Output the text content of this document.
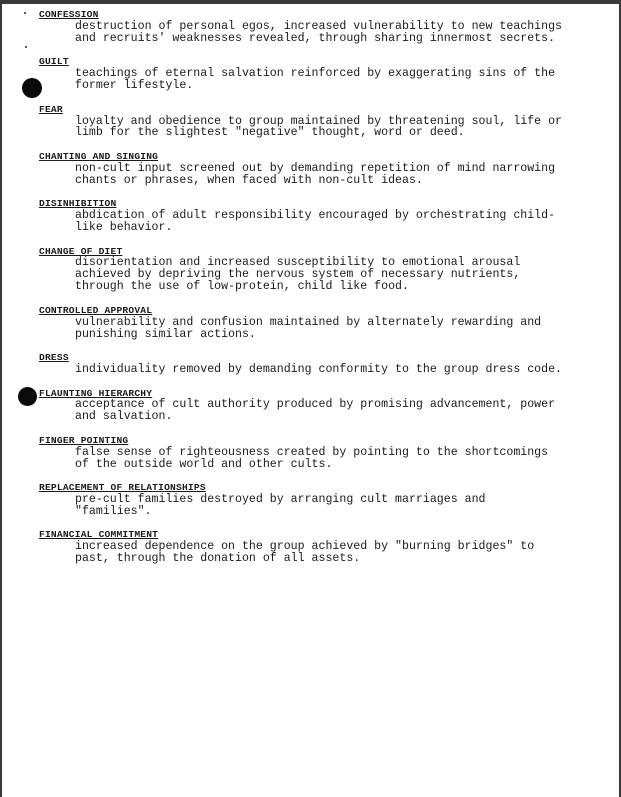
CONFESSION
destruction of personal egos, increased vulnerability to new teachings
and recruits' weaknesses revealed, through sharing innermost secrets.
GUILT
teachings of eternal salvation reinforced by exaggerating sins of the
former lifestyle.
FEAR
loyalty and obedience to group maintained by threatening soul, life or
limb for the slightest "negative" thought, word or deed.
CHANTING AND SINGING
non-cult input screened out by demanding repetition of mind narrowing
chants or phrases, when faced with non-cult ideas.
DISINHIBITION
abdication of adult responsibility encouraged by orchestrating child-
like behavior.
CHANGE OF DIET
disorientation and increased susceptibility to emotional arousal
achieved by depriving the nervous system of necessary nutrients,
through the use of low-protein, child like food.
CONTROLLED APPROVAL
vulnerability and confusion maintained by alternately rewarding and
punishing similar actions.
DRESS
individuality removed by demanding conformity to the group dress code.
FLAUNTING HIERARCHY
acceptance of cult authority produced by promising advancement, power
and salvation.
FINGER POINTING
false sense of righteousness created by pointing to the shortcomings
of the outside world and other cults.
REPLACEMENT OF RELATIONSHIPS
pre-cult families destroyed by arranging cult marriages and
"families".
FINANCIAL COMMITMENT
increased dependence on the group achieved by "burning bridges" to
past, through the donation of all assets.
